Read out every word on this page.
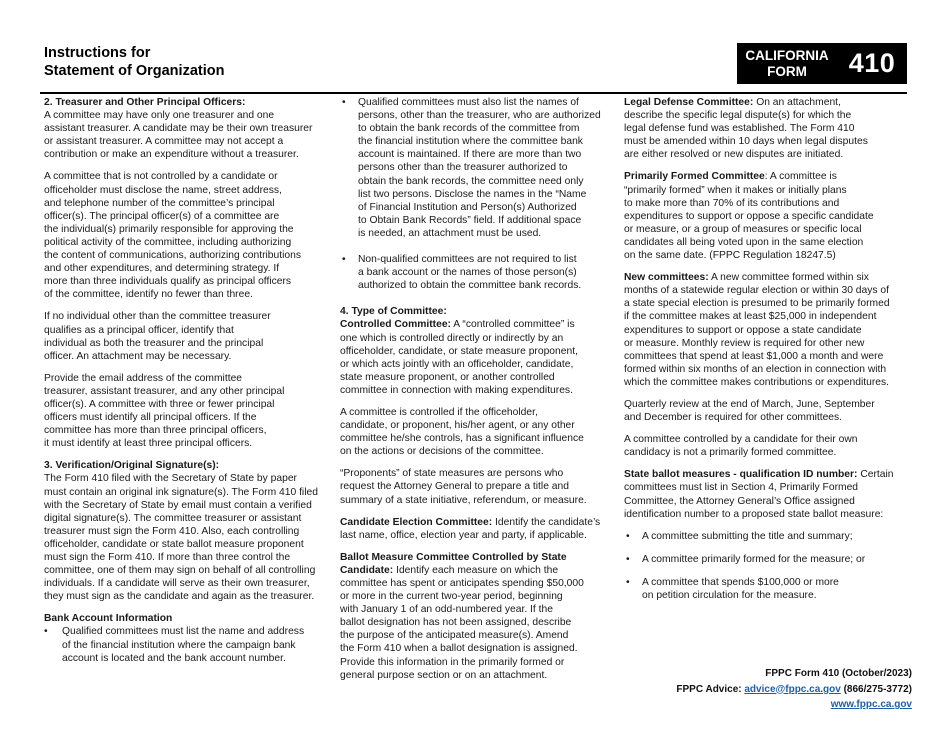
Instructions for
Statement of Organization
CALIFORNIA
FORM	410
2. Treasurer and Other Principal Officers:
A committee may have only one treasurer and one
assistant treasurer. A candidate may be their own treasurer
or assistant treasurer. A committee may not accept a
contribution or make an expenditure without a treasurer.
A committee that is not controlled by a candidate or
officeholder must disclose the name, street address,
and telephone number of the committee’s principal
officer(s). The principal officer(s) of a committee are
the individual(s) primarily responsible for approving the
political activity of the committee, including authorizing
the content of communications, authorizing contributions
and other expenditures, and determining strategy. If
more than three individuals qualify as principal officers
of the committee, identify no fewer than three.
If no individual other than the committee treasurer
qualifies as a principal officer, identify that
individual as both the treasurer and the principal
officer. An attachment may be necessary.
Provide the email address of the committee
treasurer, assistant treasurer, and any other principal
officer(s). A committee with three or fewer principal
officers must identify all principal officers. If the
committee has more than three principal officers,
it must identify at least three principal officers.
3. Verification/Original Signature(s):
The Form 410 filed with the Secretary of State by paper
must contain an original ink signature(s). The Form 410 filed
with the Secretary of State by email must contain a verified
digital signature(s). The committee treasurer or assistant
treasurer must sign the Form 410. Also, each controlling
officeholder, candidate or state ballot measure proponent
must sign the Form 410. If more than three control the
committee, one of them may sign on behalf of all controlling
individuals. If a candidate will serve as their own treasurer,
they must sign as the candidate and again as the treasurer.
Bank Account Information
• Qualified committees must list the name and address
of the financial institution where the campaign bank
account is located and the bank account number.
• Qualified committees must also list the names of
persons, other than the treasurer, who are authorized
to obtain the bank records of the committee from
the financial institution where the committee bank
account is maintained. If there are more than two
persons other than the treasurer authorized to
obtain the bank records, the committee need only
list two persons. Disclose the names in the “Name
of Financial Institution and Person(s) Authorized
to Obtain Bank Records” field. If additional space
is needed, an attachment must be used.
• Non-qualified committees are not required to list
a bank account or the names of those person(s)
authorized to obtain the committee bank records.
4. Type of Committee:
Controlled Committee: A “controlled committee” is
one which is controlled directly or indirectly by an
officeholder, candidate, or state measure proponent,
or which acts jointly with an officeholder, candidate,
state measure proponent, or another controlled
committee in connection with making expenditures.
A committee is controlled if the officeholder,
candidate, or proponent, his/her agent, or any other
committee he/she controls, has a significant influence
on the actions or decisions of the committee.
“Proponents” of state measures are persons who
request the Attorney General to prepare a title and
summary of a state initiative, referendum, or measure.
Candidate Election Committee: Identify the candidate’s
last name, office, election year and party, if applicable.
Ballot Measure Committee Controlled by State
Candidate: Identify each measure on which the
committee has spent or anticipates spending $50,000
or more in the current two-year period, beginning
with January 1 of an odd-numbered year. If the
ballot designation has not been assigned, describe
the purpose of the anticipated measure(s). Amend
the Form 410 when a ballot designation is assigned.
Provide this information in the primarily formed or
general purpose section or on an attachment.
Legal Defense Committee: On an attachment,
describe the specific legal dispute(s) for which the
legal defense fund was established. The Form 410
must be amended within 10 days when legal disputes
are either resolved or new disputes are initiated.
Primarily Formed Committee: A committee is
“primarily formed” when it makes or initially plans
to make more than 70% of its contributions and
expenditures to support or oppose a specific candidate
or measure, or a group of measures or specific local
candidates all being voted upon in the same election
on the same date. (FPPC Regulation 18247.5)
New committees: A new committee formed within six
months of a statewide regular election or within 30 days of
a state special election is presumed to be primarily formed
if the committee makes at least $25,000 in independent
expenditures to support or oppose a state candidate
or measure. Monthly review is required for other new
committees that spend at least $1,000 a month and were
formed within six months of an election in connection with
which the committee makes contributions or expenditures.
Quarterly review at the end of March, June, September
and December is required for other committees.
A committee controlled by a candidate for their own
candidacy is not a primarily formed committee.
State ballot measures - qualification ID number: Certain
committees must list in Section 4, Primarily Formed
Committee, the Attorney General’s Office assigned
identification number to a proposed state ballot measure:
• A committee submitting the title and summary;
• A committee primarily formed for the measure; or
• A committee that spends $100,000 or more
on petition circulation for the measure.
FPPC Form 410 (October/2023)
FPPC Advice: advice@fppc.ca.gov (866/275-3772)
www.fppc.ca.gov
